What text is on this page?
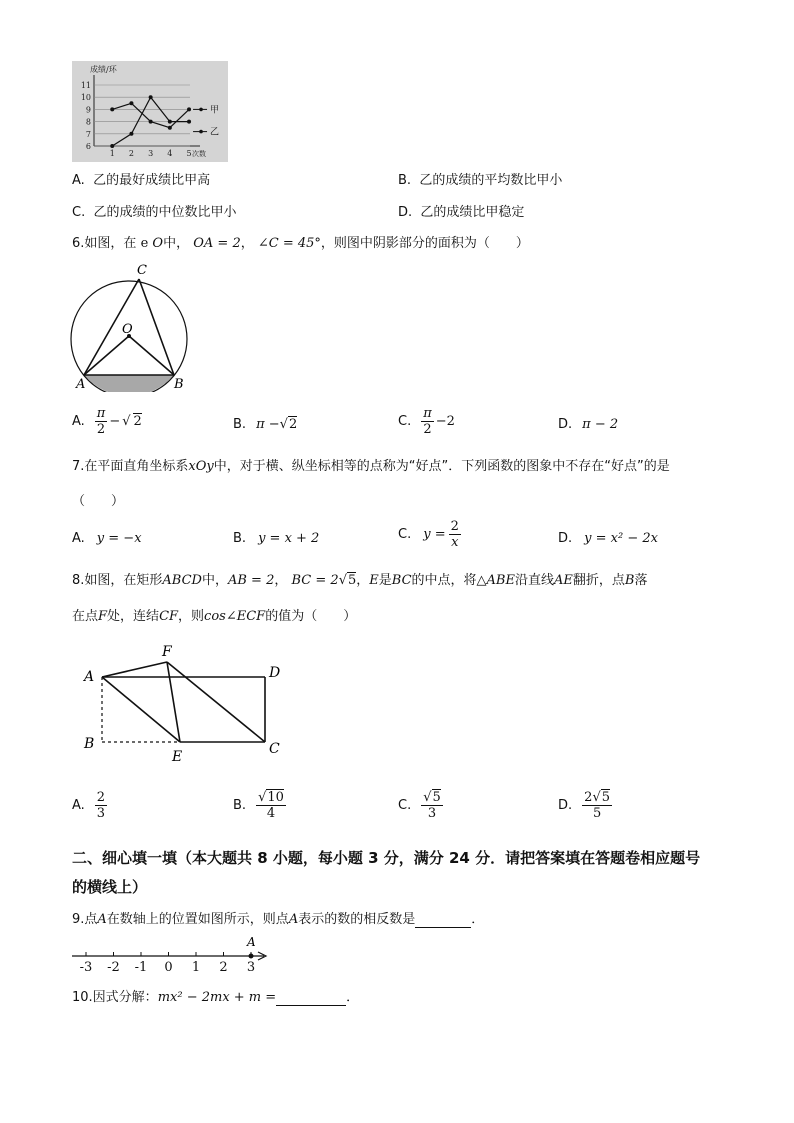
6
7
8
9
10
11
1 2 3 4 5
成绩/环
次数
甲
乙
A. 乙的最好成绩比甲高	B. 乙的成绩的平均数比甲小
C. 乙的成绩的中位数比甲小	D. 乙的成绩比甲稳定
6.如图，在 e O中， OA = 2， ∠C = 45°，则图中阴影部分的面积为（　　）
C
O
A	B
A. $\frac{\pi}{2}$ − √ 2	B. π −√2	C. $\frac{\pi}{2} -2$	D. π − 2
7.在平面直角坐标系xOy中，对于横、纵坐标相等的点称为“好点”．下列函数的图象中不存在“好点”的是
（　　）
A. y = −x	B. y = x + 2	C. $y = \frac{2}{x}$	D. y = x² − 2x
8.如图，在矩形ABCD中，AB = 2， BC = 2√5，E是BC的中点，将△ABE沿直线AE翻折，点B落
在点F处，连结CF，则cos∠ECF的值为（　　）
A
B	C
D
E
F
A. $\frac{2}{3}$	B. $\frac{√10}{4}$	C. $\frac{√5}{3}$	D. $\frac{2√5}{5}$
二、细心填一填（本大题共 8 小题，每小题 3 分，满分 24 分．请把答案填在答题卷相应题号
的横线上）
9.点A在数轴上的位置如图所示，则点A表示的数的相反数是	．
A
-3 -2 -1 0 1 2 3
10.因式分解：mx² − 2mx + m =	．
